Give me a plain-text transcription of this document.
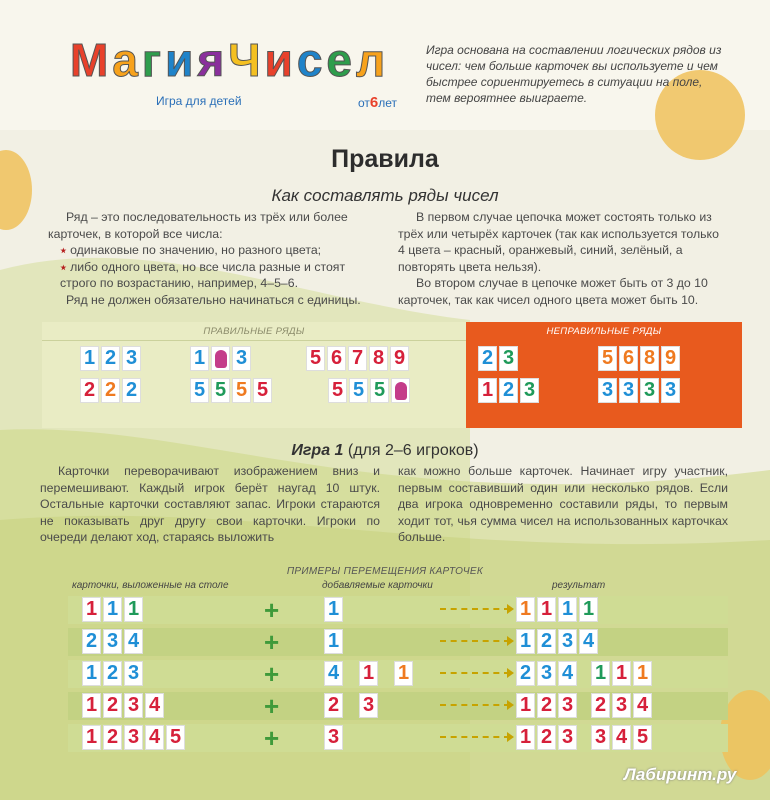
МагияЧисел
Игра для детей	от6лет
Игра основана на составлении логических рядов из чисел: чем больше карточек вы используете и чем быстрее сориентируетесь в ситуации на поле, тем вероятнее выиграете.
Правила
Как составлять ряды чисел

Ряд – это последовательность из трёх или более карточек, в которой все числа:

⭑ одинаковые по значению, но разного цвета;

⭑ либо одного цвета, но все числа разные и стоят строго по возрастанию, например, 4–5–6.

Ряд не должен обязательно начинаться с единицы.

В первом случае цепочка может состоять только из трёх или четырёх карточек (так как используется только 4 цвета – красный, оранжевый, синий, зелёный, а повторять цвета нельзя).

Во втором случае в цепочке может быть от 3 до 10 карточек, так как чисел одного цвета может быть 10.

ПРАВИЛЬНЫЕ РЯДЫ
1 2 3	1 3	5 6 7 8 9
2 2 2	5 5 5 5	5 5 5
НЕПРАВИЛЬНЫЕ РЯДЫ
2 3	5 6 8 9
1 2 3	3 3 3 3
Игра 1 (для 2–6 игроков)
Карточки переворачивают изображением вниз и перемешивают. Каждый игрок берёт наугад 10 штук. Остальные карточки составляют запас. Игроки стараются не показывать друг другу свои карточки. Игроки по очереди делают ход, стараясь выложить
как можно больше карточек. Начинает игру участник, первым составивший один или несколько рядов. Если два игрока одновременно составили ряды, то первым ходит тот, чья сумма чисел на использованных карточках больше.
ПРИМЕРЫ ПЕРЕМЕЩЕНИЯ КАРТОЧЕК
карточки, выложенные на столе	добавляемые карточки	результат
1 1 1	+ 1	1 1 1 1
2 3 4	+ 1	1 2 3 4
1 2 3	+ 4 1 1	2 3 4 1 1 1
1 2 3 4	+ 2 3	1 2 3 2 3 4
1 2 3 4 5	+ 3	1 2 3 3 4 5
Лабиринт.ру
